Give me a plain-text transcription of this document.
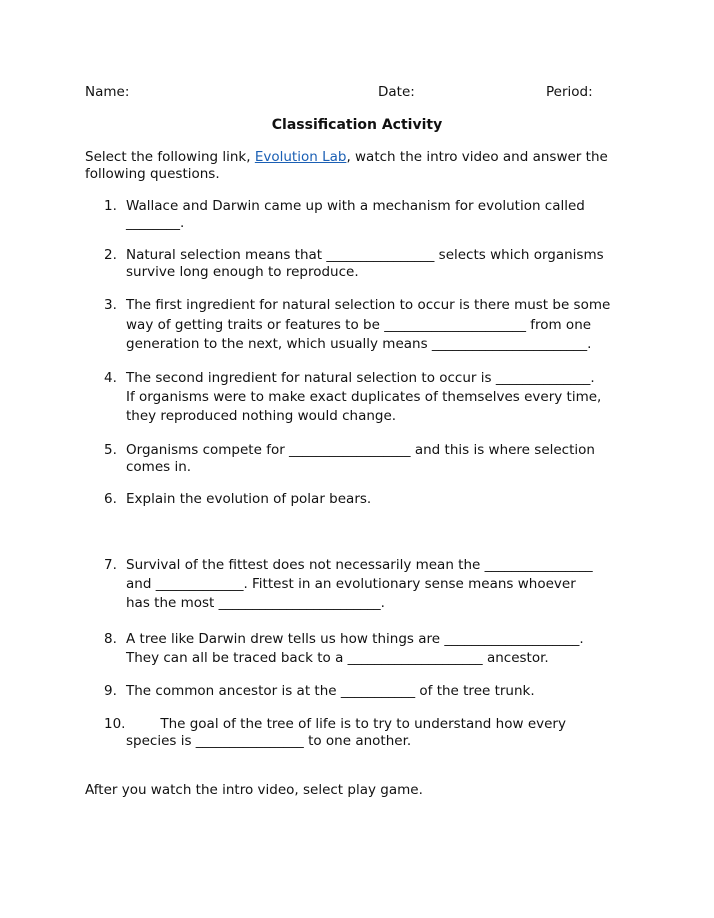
Name:	Date:	Period:
Classiﬁcation Activity
Select the following link, Evolution Lab, watch the intro video and answer the
following questions.
1. Wallace and Darwin came up with a mechanism for evolution called
________.
2. Natural selection means that ________________ selects which organisms
survive long enough to reproduce.
3. The first ingredient for natural selection to occur is there must be some
way of getting traits or features to be _____________________ from one
generation to the next, which usually means _______________________.
4. The second ingredient for natural selection to occur is ______________.
If organisms were to make exact duplicates of themselves every time,
they reproduced nothing would change.
5. Organisms compete for __________________ and this is where selection
comes in.
6. Explain the evolution of polar bears.
7. Survival of the fittest does not necessarily mean the ________________
and _____________. Fittest in an evolutionary sense means whoever
has the most ________________________.
8. A tree like Darwin drew tells us how things are ____________________.
They can all be traced back to a ____________________ ancestor.
9. The common ancestor is at the ___________ of the tree trunk.
10. The goal of the tree of life is to try to understand how every
species is ________________ to one another.
After you watch the intro video, select play game.
